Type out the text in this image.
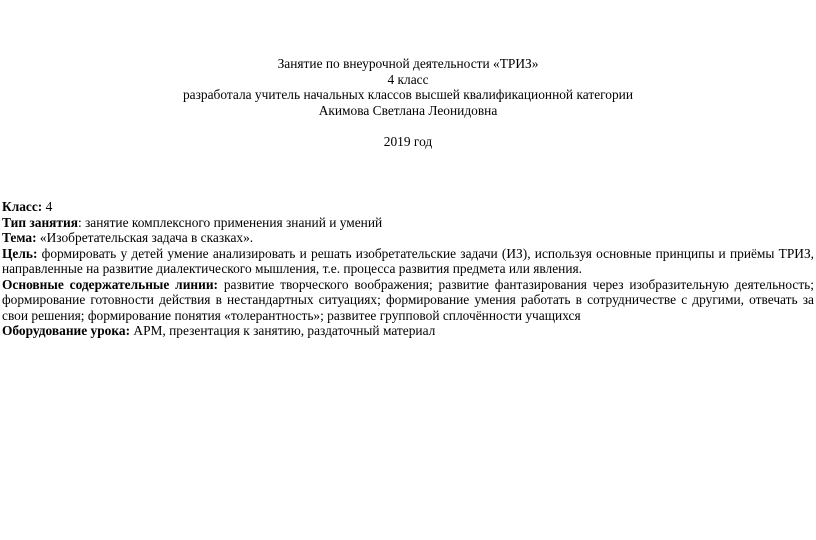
Занятие по внеурочной деятельности «ТРИЗ»
4 класс
разработала учитель начальных классов высшей квалификационной категории
Акимова Светлана Леонидовна
2019 год
Класс: 4
Тип занятия: занятие комплексного применения знаний и умений
Тема: «Изобретательская задача в сказках».
Цель: формировать у детей умение анализировать и решать изобретательские задачи (ИЗ), используя основные принципы и приёмы ТРИЗ, направленные на развитие диалектического мышления, т.е. процесса развития предмета или явления.
Основные содержательные линии: развитие творческого воображения; развитие фантазирования через изобразительную деятельность; формирование готовности действия в нестандартных ситуациях; формирование умения работать в сотрудничестве с другими, отвечать за свои решения; формирование понятия «толерантность»; развитее групповой сплочённости учащихся
Оборудование урока: АРМ, презентация к занятию, раздаточный материал
